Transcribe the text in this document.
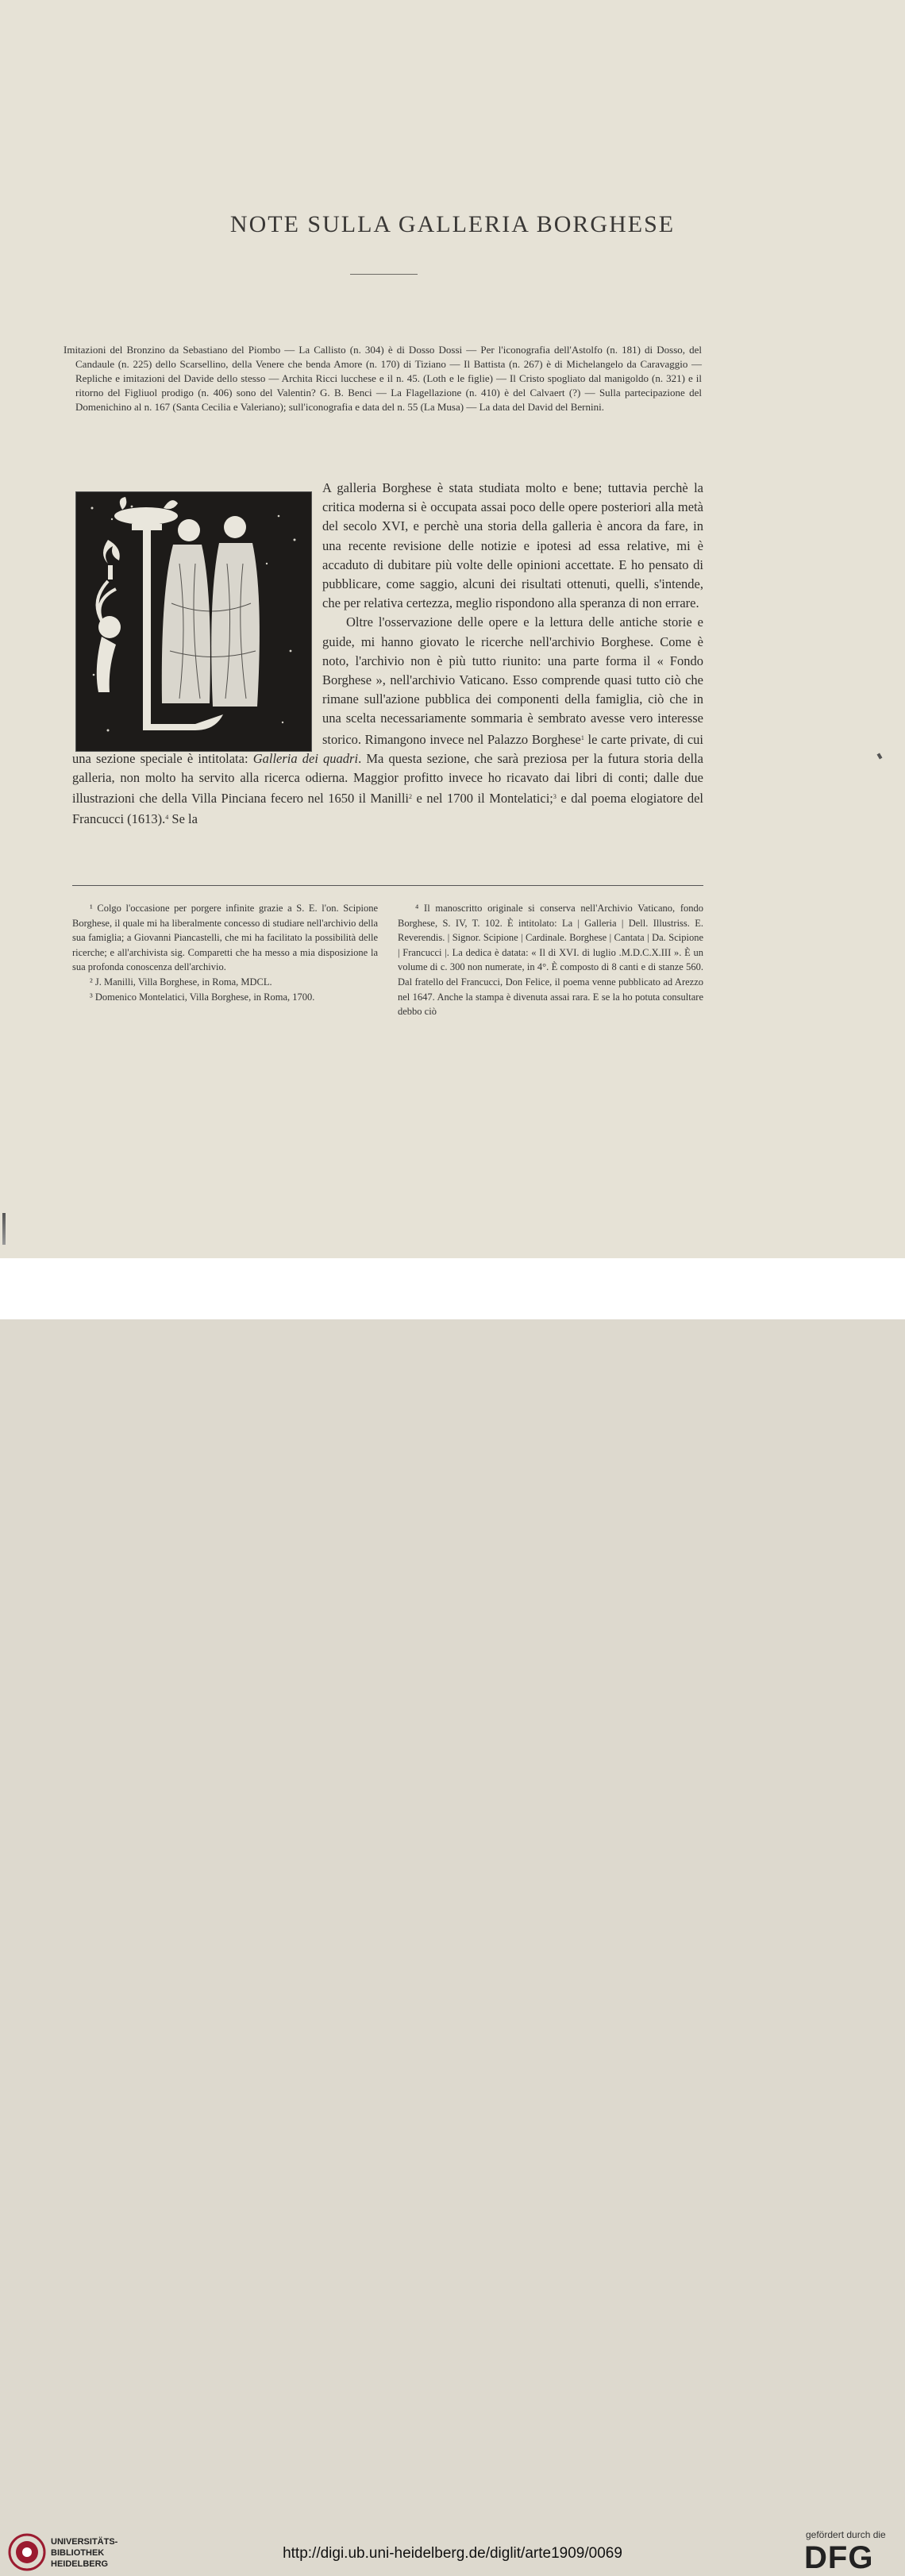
NOTE SULLA GALLERIA BORGHESE

Imitazioni del Bronzino da Sebastiano del Piombo — La Callisto (n. 304) è di Dosso Dossi — Per l'iconografia dell'Astolfo (n. 181) di Dosso, del Candaule (n. 225) dello Scarsellino, della Venere che benda Amore (n. 170) di Tiziano — Il Battista (n. 267) è di Michelangelo da Caravaggio — Repliche e imitazioni del Davide dello stesso — Archita Ricci lucchese e il n. 45. (Loth e le figlie) — Il Cristo spogliato dal manigoldo (n. 321) e il ritorno del Figliuol prodigo (n. 406) sono del Valentin? G. B. Benci — La Flagellazione (n. 410) è del Calvaert (?) — Sulla partecipazione del Domenichino al n. 167 (Santa Cecilia e Valeriano); sull'iconografia e data del n. 55 (La Musa) — La data del David del Bernini.

A galleria Borghese è stata studiata molto e bene; tuttavia perchè la critica moderna si è occupata assai poco delle opere posteriori alla metà del secolo XVI, e perchè una storia della galleria è ancora da fare, in una recente revisione delle notizie e ipotesi ad essa relative, mi è accaduto di dubitare più volte delle opinioni accettate. E ho pensato di pubblicare, come saggio, alcuni dei risultati ottenuti, quelli, s'intende, che per relativa certezza, meglio rispondono alla speranza di non errare.

Oltre l'osservazione delle opere e la lettura delle antiche storie e guide, mi hanno giovato le ricerche nell'archivio Borghese. Come è noto, l'archivio non è più tutto riunito: una parte forma il « Fondo Borghese », nell'archivio Vaticano. Esso comprende quasi tutto ciò che rimane sull'azione pubblica dei componenti della famiglia, ciò che in una scelta necessariamente sommaria è sembrato avesse vero interesse storico. Rimangono invece nel Palazzo Borghese$^1$ le carte private, di cui una sezione speciale è intitolata: Galleria dei quadri. Ma questa sezione, che sarà preziosa per la futura storia della galleria, non molto ha servito alla ricerca odierna. Maggior profitto invece ho ricavato dai libri di conti; dalle due illustrazioni che della Villa Pinciana fecero nel 1650 il Manilli$^2$ e nel 1700 il Montelatici;$^3$ e dal poema elogiatore del Francucci (1613).$^4$ Se la

¹ Colgo l'occasione per porgere infinite grazie a S. E. l'on. Scipione Borghese, il quale mi ha liberalmente concesso di studiare nell'archivio della sua famiglia; a Giovanni Piancastelli, che mi ha facilitato la possibilità delle ricerche; e all'archivista sig. Comparetti che ha messo a mia disposizione la sua profonda conoscenza dell'archivio.

² J. Manilli, Villa Borghese, in Roma, MDCL.

³ Domenico Montelatici, Villa Borghese, in Roma, 1700.

⁴ Il manoscritto originale si conserva nell'Archivio Vaticano, fondo Borghese, S. IV, T. 102. È intitolato: La | Galleria | Dell. Illustriss. E. Reverendis. | Signor. Scipione | Cardinale. Borghese | Cantata | Da. Scipione | Francucci |. La dedica è datata: « Il di XVI. di luglio .M.D.C.X.III ». È un volume di c. 300 non numerate, in 4°. È composto di 8 canti e di stanze 560. Dal fratello del Francucci, Don Felice, il poema venne pubblicato ad Arezzo nel 1647. Anche la stampa è divenuta assai rara. E se la ho potuta consultare debbo ciò

UNIVERSITÄTS-
BIBLIOTHEK
HEIDELBERG
http://digi.ub.uni-heidelberg.de/diglit/arte1909/0069
gefördert durch die
DFG
